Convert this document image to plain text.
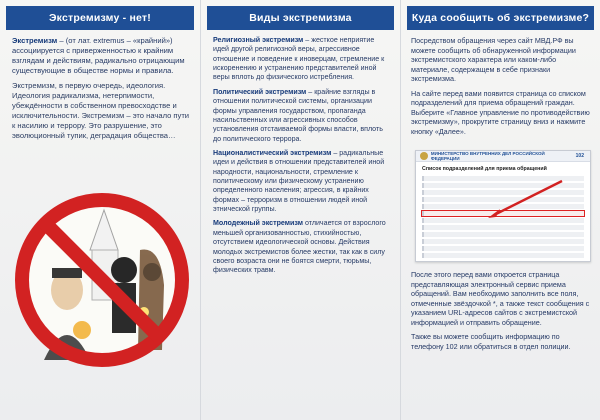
Экстремизму - нет!

Экстремизм – (от лат. extremus – «крайний») ассоциируется с приверженностью к крайним взглядам и действиям, радикально отрицающим существующие в обществе нормы и правила.

Экстремизм, в первую очередь, идеология. Идеология радикализма, нетерпимости, убеждённости в собственном превосходстве и исключительности. Экстремизм – это начало пути к насилию и террору. Это разрушение, это эволюционный тупик, деградация общества…

Виды экстремизма

Религиозный экстремизм – жесткое неприятие идей другой религиозной веры, агрессивное отношение и поведение к иноверцам, стремление к искоренению и устранению представителей иной веры вплоть до физического истребления.

Политический экстремизм – крайние взгляды в отношении политической системы, организации формы управления государством, пропаганда насильственных или агрессивных способов установления отстаиваемой формы власти, вплоть до политического террора.

Националистический экстремизм – радикальные идеи и действия в отношении представителей иной народности, национальности, стремление к политическому или физическому устранению определенного населения; агрессия, в крайних формах – терроризм в отношении людей иной этнической группы.

Молодежный экстремизм отличается от взрослого меньшей организованностью, стихийностью, отсутствием идеологической основы. Действия молодых экстремистов более жестки, так как в силу своего возраста они не боятся смерти, тюрьмы, физических травм.

Куда сообщить об экстремизме?

Посредством обращения через сайт МВД.РФ вы можете сообщить об обнаруженной информации экстремистского характера или каком-либо материале, содержащем в себе признаки экстремизма.

На сайте перед вами появится страница со списком подразделений для приема обращений граждан. Выберите «Главное управление по противодействию экстремизму», прокрутите страницу вниз и нажмите кнопку «Далее».

МИНИСТЕРСТВО ВНУТРЕННИХ ДЕЛ РОССИЙСКОЙ ФЕДЕРАЦИИ	102
Список подразделений для приема обращений

После этого перед вами откроется страница представляющая электронный сервис приема обращений. Вам необходимо заполнить все поля, отмеченные звёздочкой *, а также текст сообщения с указанием URL-адресов сайтов с экстремистской информацией и отправить обращение.

Также вы можете сообщить информацию по телефону 102 или обратиться в отдел полиции.
